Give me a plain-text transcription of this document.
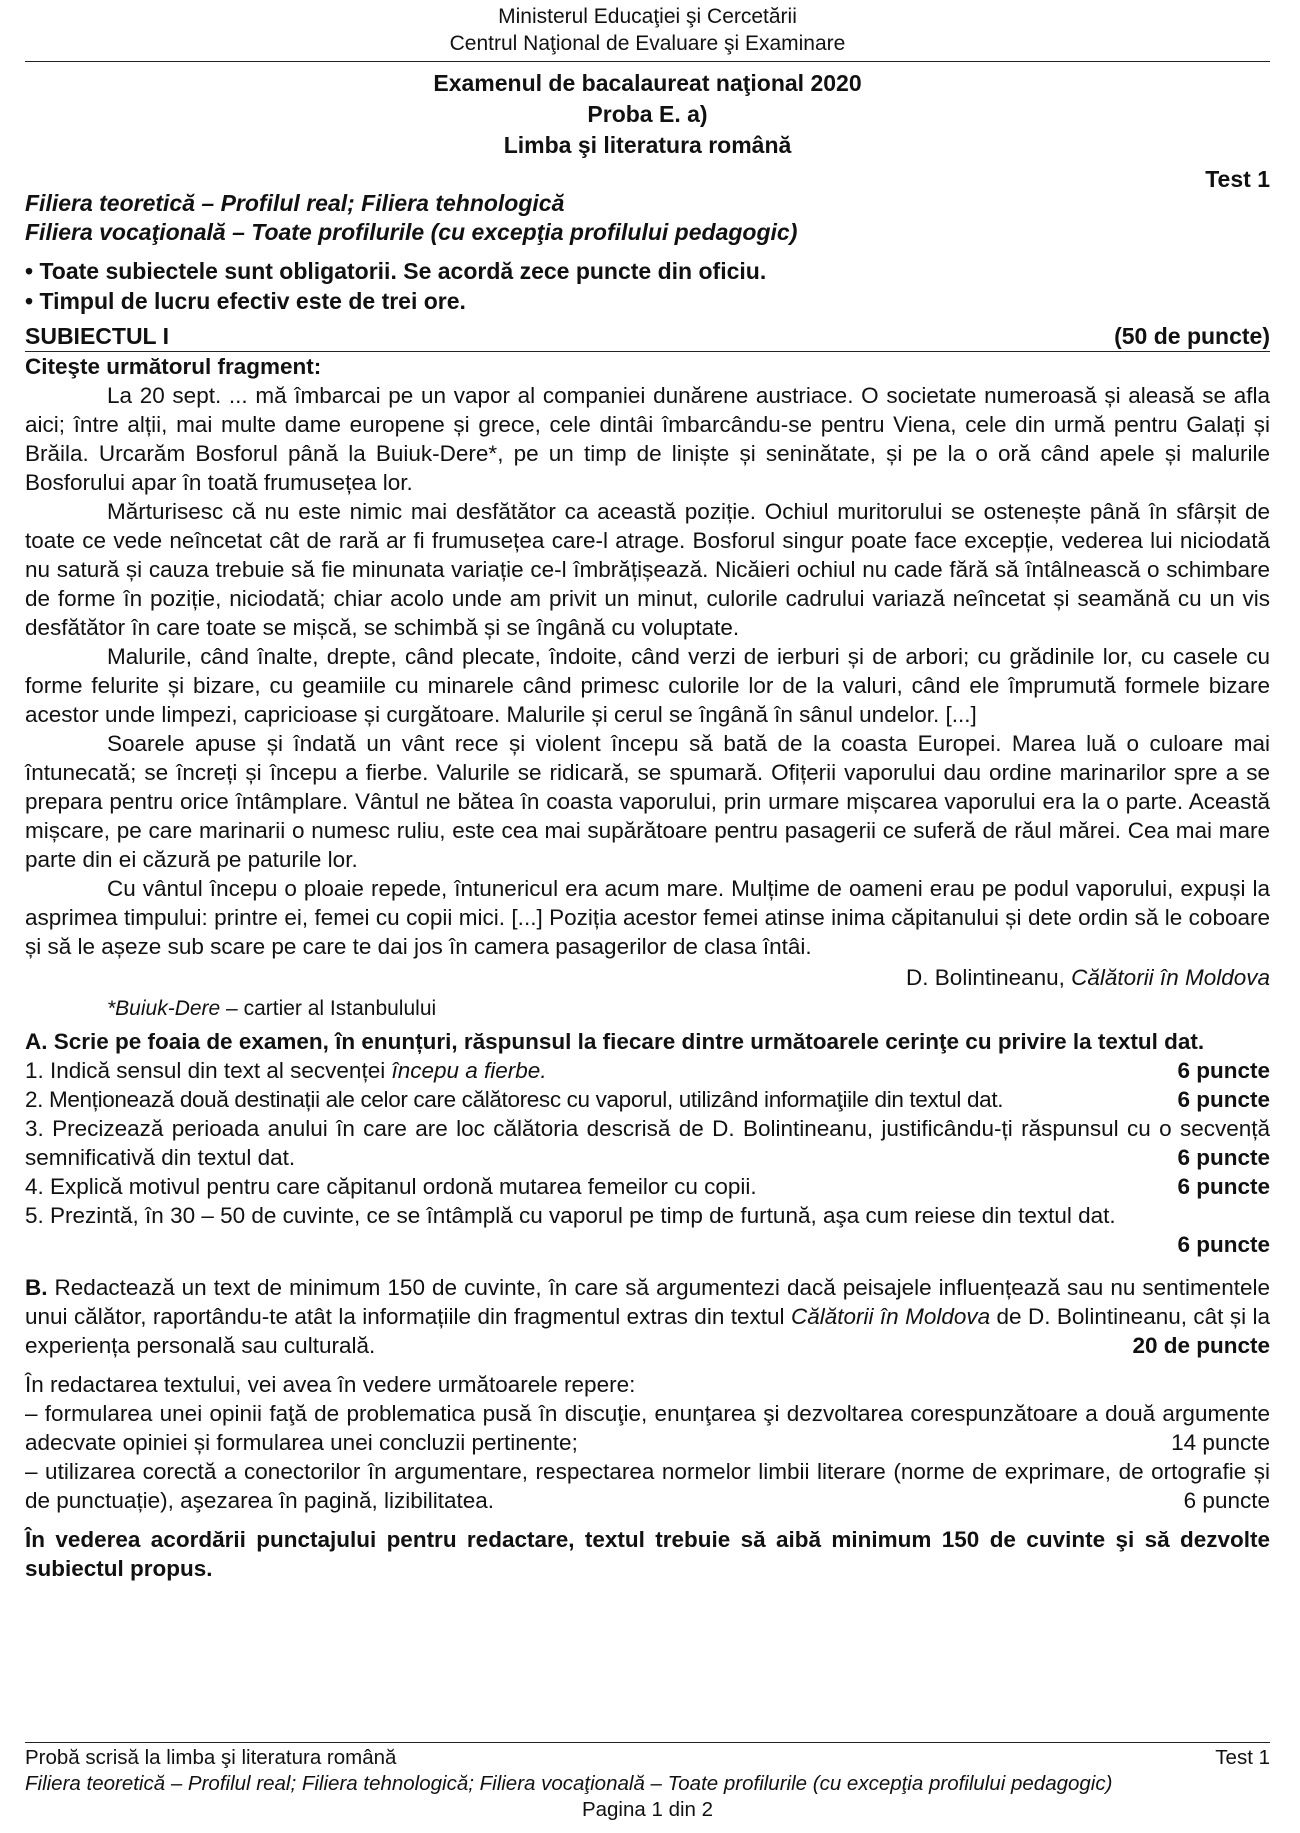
Ministerul Educaţiei şi Cercetării
Centrul Naţional de Evaluare şi Examinare
Examenul de bacalaureat naţional 2020
Proba E. a)
Limba şi literatura română
Test 1
Filiera teoretică – Profilul real; Filiera tehnologică
Filiera vocaţională – Toate profilurile (cu excepţia profilului pedagogic)
• Toate subiectele sunt obligatorii. Se acordă zece puncte din oficiu.
• Timpul de lucru efectiv este de trei ore.
SUBIECTUL I	(50 de puncte)
Citeşte următorul fragment:

La 20 sept. ... mă îmbarcai pe un vapor al companiei dunărene austriace. O societate numeroasă și aleasă se afla aici; între alții, mai multe dame europene și grece, cele dintâi îmbarcându-se pentru Viena, cele din urmă pentru Galați și Brăila. Urcarăm Bosforul până la Buiuk-Dere*, pe un timp de liniște și seninătate, și pe la o oră când apele și malurile Bosforului apar în toată frumusețea lor.

Mărturisesc că nu este nimic mai desfătător ca această poziție. Ochiul muritorului se ostenește până în sfârșit de toate ce vede neîncetat cât de rară ar fi frumusețea care-l atrage. Bosforul singur poate face excepție, vederea lui niciodată nu satură și cauza trebuie să fie minunata variație ce-l îmbrățișează. Nicăieri ochiul nu cade fără să întâlnească o schimbare de forme în poziție, niciodată; chiar acolo unde am privit un minut, culorile cadrului variază neîncetat și seamănă cu un vis desfătător în care toate se mișcă, se schimbă și se îngână cu voluptate.

Malurile, când înalte, drepte, când plecate, îndoite, când verzi de ierburi și de arbori; cu grădinile lor, cu casele cu forme felurite și bizare, cu geamiile cu minarele când primesc culorile lor de la valuri, când ele împrumută formele bizare acestor unde limpezi, capricioase și curgătoare. Malurile și cerul se îngână în sânul undelor. [...]

Soarele apuse și îndată un vânt rece și violent începu să bată de la coasta Europei. Marea luă o culoare mai întunecată; se încreți și începu a fierbe. Valurile se ridicară, se spumară. Ofițerii vaporului dau ordine marinarilor spre a se prepara pentru orice întâmplare. Vântul ne bătea în coasta vaporului, prin urmare mișcarea vaporului era la o parte. Această mișcare, pe care marinarii o numesc ruliu, este cea mai supărătoare pentru pasagerii ce suferă de răul mărei. Cea mai mare parte din ei căzură pe paturile lor.

Cu vântul începu o ploaie repede, întunericul era acum mare. Mulțime de oameni erau pe podul vaporului, expuși la asprimea timpului: printre ei, femei cu copii mici. [...] Poziția acestor femei atinse inima căpitanului și dete ordin să le coboare și să le așeze sub scare pe care te dai jos în camera pasagerilor de clasa întâi.

D. Bolintineanu, Călătorii în Moldova
*Buiuk-Dere – cartier al Istanbulului
A. Scrie pe foaia de examen, în enunțuri, răspunsul la fiecare dintre următoarele cerinţe cu privire la textul dat.
1. Indică sensul din text al secvenței începu a fierbe.	6 puncte
2. Menționează două destinații ale celor care călătoresc cu vaporul, utilizând informaţiile din textul dat.	6 puncte
3. Precizează perioada anului în care are loc călătoria descrisă de D. Bolintineanu, justificându-ți răspunsul cu o secvență semnificativă din textul dat.	6 puncte
4. Explică motivul pentru care căpitanul ordonă mutarea femeilor cu copii.	6 puncte
5. Prezintă, în 30 – 50 de cuvinte, ce se întâmplă cu vaporul pe timp de furtună, aşa cum reiese din textul dat.
6 puncte
B. Redactează un text de minimum 150 de cuvinte, în care să argumentezi dacă peisajele influențează sau nu sentimentele unui călător, raportându-te atât la informațiile din fragmentul extras din textul Călătorii în Moldova de D. Bolintineanu, cât și la experiența personală sau culturală.	20 de puncte
În redactarea textului, vei avea în vedere următoarele repere:
– formularea unei opinii faţă de problematica pusă în discuţie, enunţarea şi dezvoltarea corespunzătoare a două argumente adecvate opiniei și formularea unei concluzii pertinente;	14 puncte
– utilizarea corectă a conectorilor în argumentare, respectarea normelor limbii literare (norme de exprimare, de ortografie și de punctuație), aşezarea în pagină, lizibilitatea.	6 puncte
În vederea acordării punctajului pentru redactare, textul trebuie să aibă minimum 150 de cuvinte şi să dezvolte subiectul propus.
Probă scrisă la limba şi literatura română	Test 1
Filiera teoretică – Profilul real; Filiera tehnologică; Filiera vocaţională – Toate profilurile (cu excepţia profilului pedagogic)
Pagina 1 din 2
